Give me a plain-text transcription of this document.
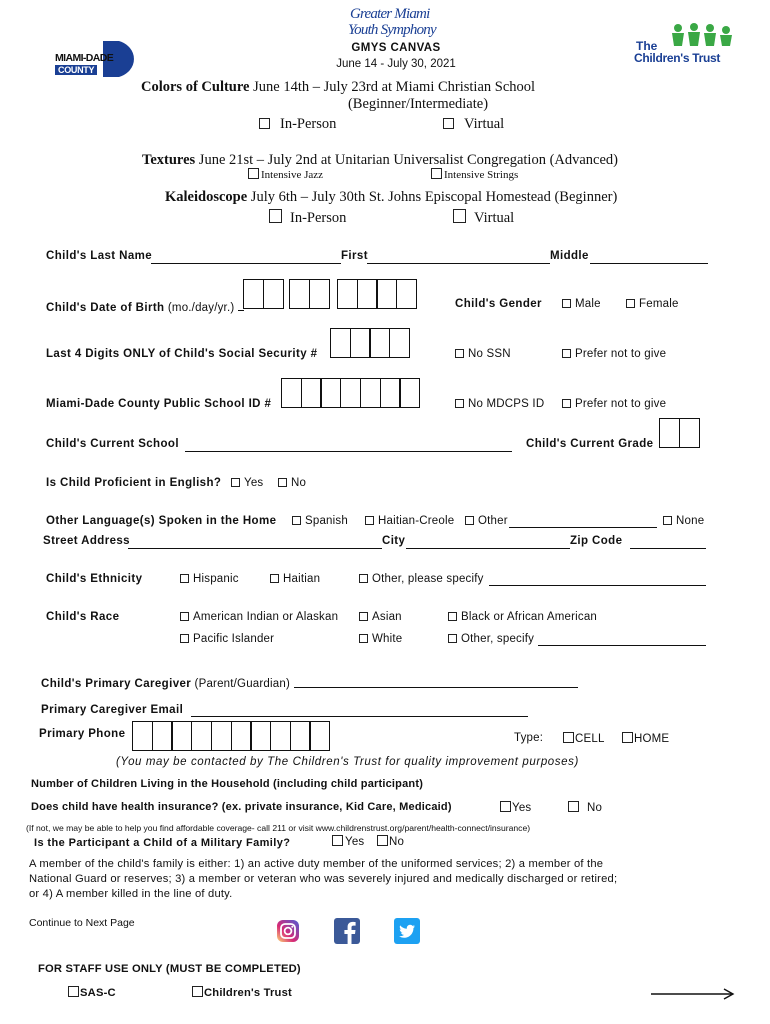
MIAMI-DADE
COUNTY
Greater Miami
Youth Symphony
The
Children's Trust
GMYS CANVAS
June 14 - July 30, 2021
Colors of Culture June 14th – July 23rd at Miami Christian School
(Beginner/Intermediate)
In-Person	Virtual
Textures June 21st – July 2nd at Unitarian Universalist Congregation (Advanced)
Intensive Jazz	Intensive Strings
Kaleidoscope July 6th – July 30th St. Johns Episcopal Homestead (Beginner)
In-Person	Virtual
Child's Last Name	First	Middle
Child's Date of Birth (mo./day/yr.)	Child's Gender	Male	Female
Last 4 Digits ONLY of Child's Social Security #	No SSN	Prefer not to give
Miami-Dade County Public School ID #	No MDCPS ID	Prefer not to give
Child's Current School	Child's Current Grade
Is Child Proficient in English?	Yes	No
Other Language(s) Spoken in the Home	Spanish	Haitian-Creole	Other	None
Street Address	City	Zip Code
Child's Ethnicity	Hispanic	Haitian	Other, please specify
Child's Race	American Indian or Alaskan	Asian	Black or African American
Pacific Islander	White	Other, specify
Child's Primary Caregiver (Parent/Guardian)
Primary Caregiver Email
Primary Phone	Type:	CELL	HOME
(You may be contacted by The Children's Trust for quality improvement purposes)
Number of Children Living in the Household (including child participant)
Does child have health insurance? (ex. private insurance, Kid Care, Medicaid)	Yes	No
(If not, we may be able to help you find affordable coverage- call 211 or visit www.childrenstrust.org/parent/health-connect/insurance)
Is the Participant a Child of a Military Family?	Yes	No
A member of the child's family is either: 1) an active duty member of the uniformed services; 2) a member of the
National Guard or reserves; 3) a member or veteran who was severely injured and medically discharged or retired;
or 4) A member killed in the line of duty.
Continue to Next Page
FOR STAFF USE ONLY (MUST BE COMPLETED)
SAS-C	Children's Trust
